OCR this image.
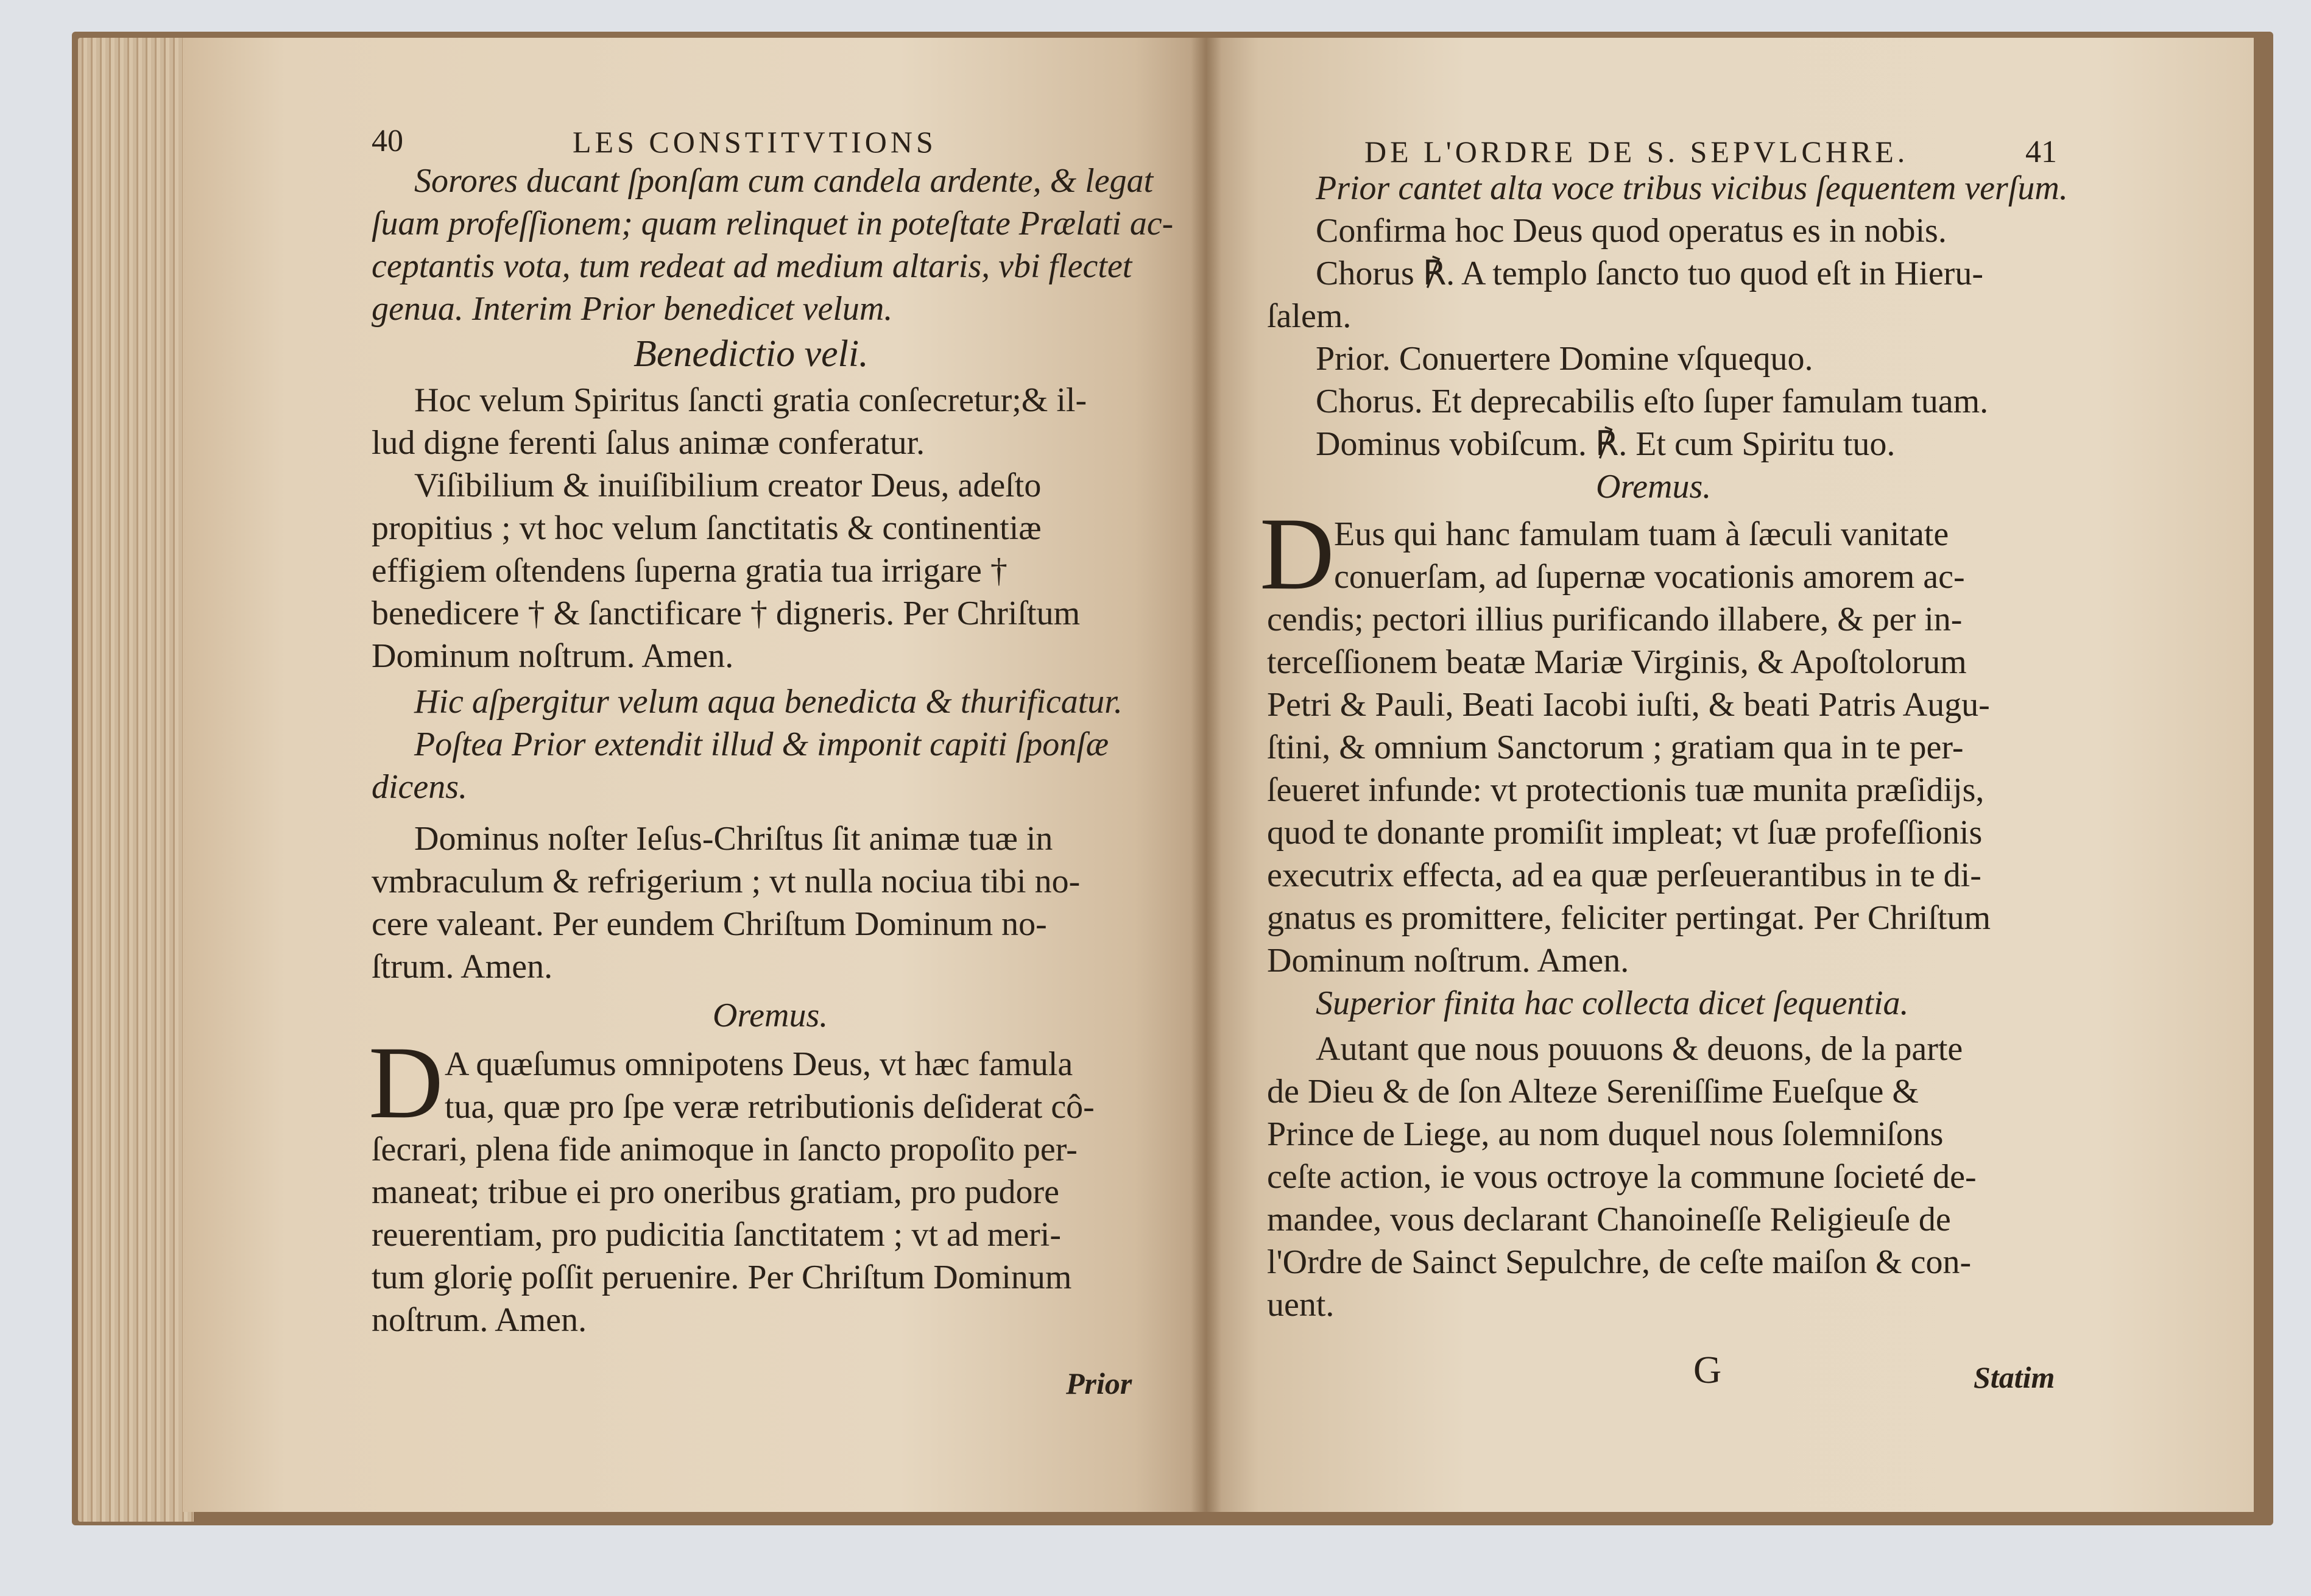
40	LES CONSTITVTIONS
Sorores ducant ſponſam cum candela ardente, & legat
ſuam profeſſionem; quam relinquet in poteſtate Prælati ac-
ceptantis vota, tum redeat ad medium altaris, vbi flectet
genua. Interim Prior benedicet velum.
Benedictio veli.
Hoc velum Spiritus ſancti gratia conſecretur;& il-
lud digne ferenti ſalus animæ conferatur.
Viſibilium & inuiſibilium creator Deus, adeſto
propitius ; vt hoc velum ſanctitatis & continentiæ
effigiem oſtendens ſuperna gratia tua irrigare †
benedicere † & ſanctificare † digneris. Per Chriſtum
Dominum noſtrum. Amen.
Hic aſpergitur velum aqua benedicta & thurificatur.
Poſtea Prior extendit illud & imponit capiti ſponſæ
dicens.
Dominus noſter Ieſus-Chriſtus ſit animæ tuæ in
vmbraculum & refrigerium ; vt nulla nociua tibi no-
cere valeant. Per eundem Chriſtum Dominum no-
ſtrum. Amen.
Oremus.
D A quæſumus omnipotens Deus, vt hæc famula
tua, quæ pro ſpe veræ retributionis deſiderat cô-
ſecrari, plena fide animoque in ſancto propoſito per-
maneat; tribue ei pro oneribus gratiam, pro pudore
reuerentiam, pro pudicitia ſanctitatem ; vt ad meri-
tum gloriȩ poſſit peruenire. Per Chriſtum Dominum
noſtrum. Amen.
Prior
DE L'ORDRE DE S. SEPVLCHRE.	41
Prior cantet alta voce tribus vicibus ſequentem verſum.
Confirma hoc Deus quod operatus es in nobis.
Chorus ℟. A templo ſancto tuo quod eſt in Hieru-
ſalem.
Prior. Conuertere Domine vſquequo.
Chorus. Et deprecabilis eſto ſuper famulam tuam.
Dominus vobiſcum. ℟. Et cum Spiritu tuo.
Oremus.
D Eus qui hanc famulam tuam à ſæculi vanitate
conuerſam, ad ſupernæ vocationis amorem ac-
cendis; pectori illius purificando illabere, & per in-
terceſſionem beatæ Mariæ Virginis, & Apoſtolorum
Petri & Pauli, Beati Iacobi iuſti, & beati Patris Augu-
ſtini, & omnium Sanctorum ; gratiam qua in te per-
ſeueret infunde: vt protectionis tuæ munita præſidijs,
quod te donante promiſit impleat; vt ſuæ profeſſionis
executrix effecta, ad ea quæ perſeuerantibus in te di-
gnatus es promittere, feliciter pertingat. Per Chriſtum
Dominum noſtrum. Amen.
Superior finita hac collecta dicet ſequentia.
Autant que nous pouuons & deuons, de la parte
de Dieu & de ſon Alteze Sereniſſime Eueſque &
Prince de Liege, au nom duquel nous ſolemniſons
ceſte action, ie vous octroye la commune ſocieté de-
mandee, vous declarant Chanoineſſe Religieuſe de
l'Ordre de Sainct Sepulchre, de ceſte maiſon & con-
uent.
G	Statim
